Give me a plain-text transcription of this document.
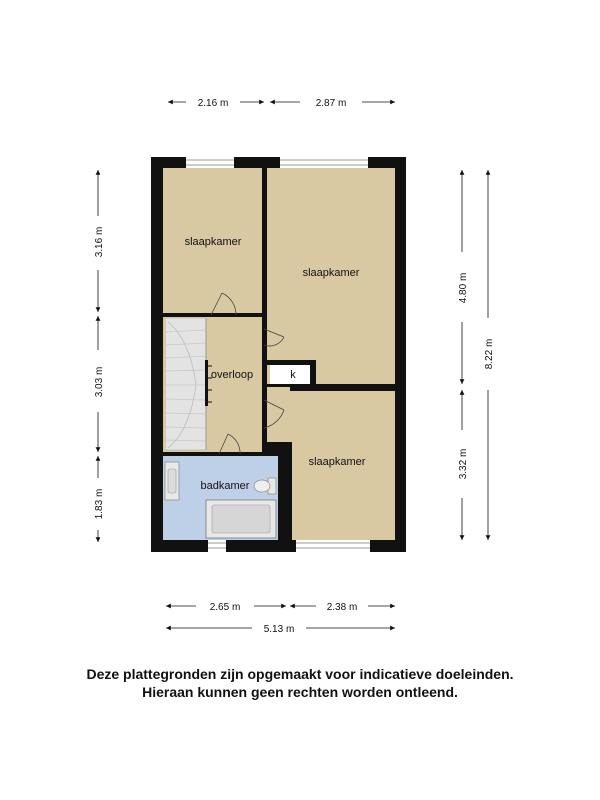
slaapkamer
slaapkamer
overloop	k
slaapkamer
badkamer
2.16 m	2.87 m
2.65 m	2.38 m
5.13 m
3.16 m
3.03 m
1.83 m
4.80 m
3.32 m
8.22 m
Deze plattegronden zijn opgemaakt voor indicatieve doeleinden.
Hieraan kunnen geen rechten worden ontleend.
